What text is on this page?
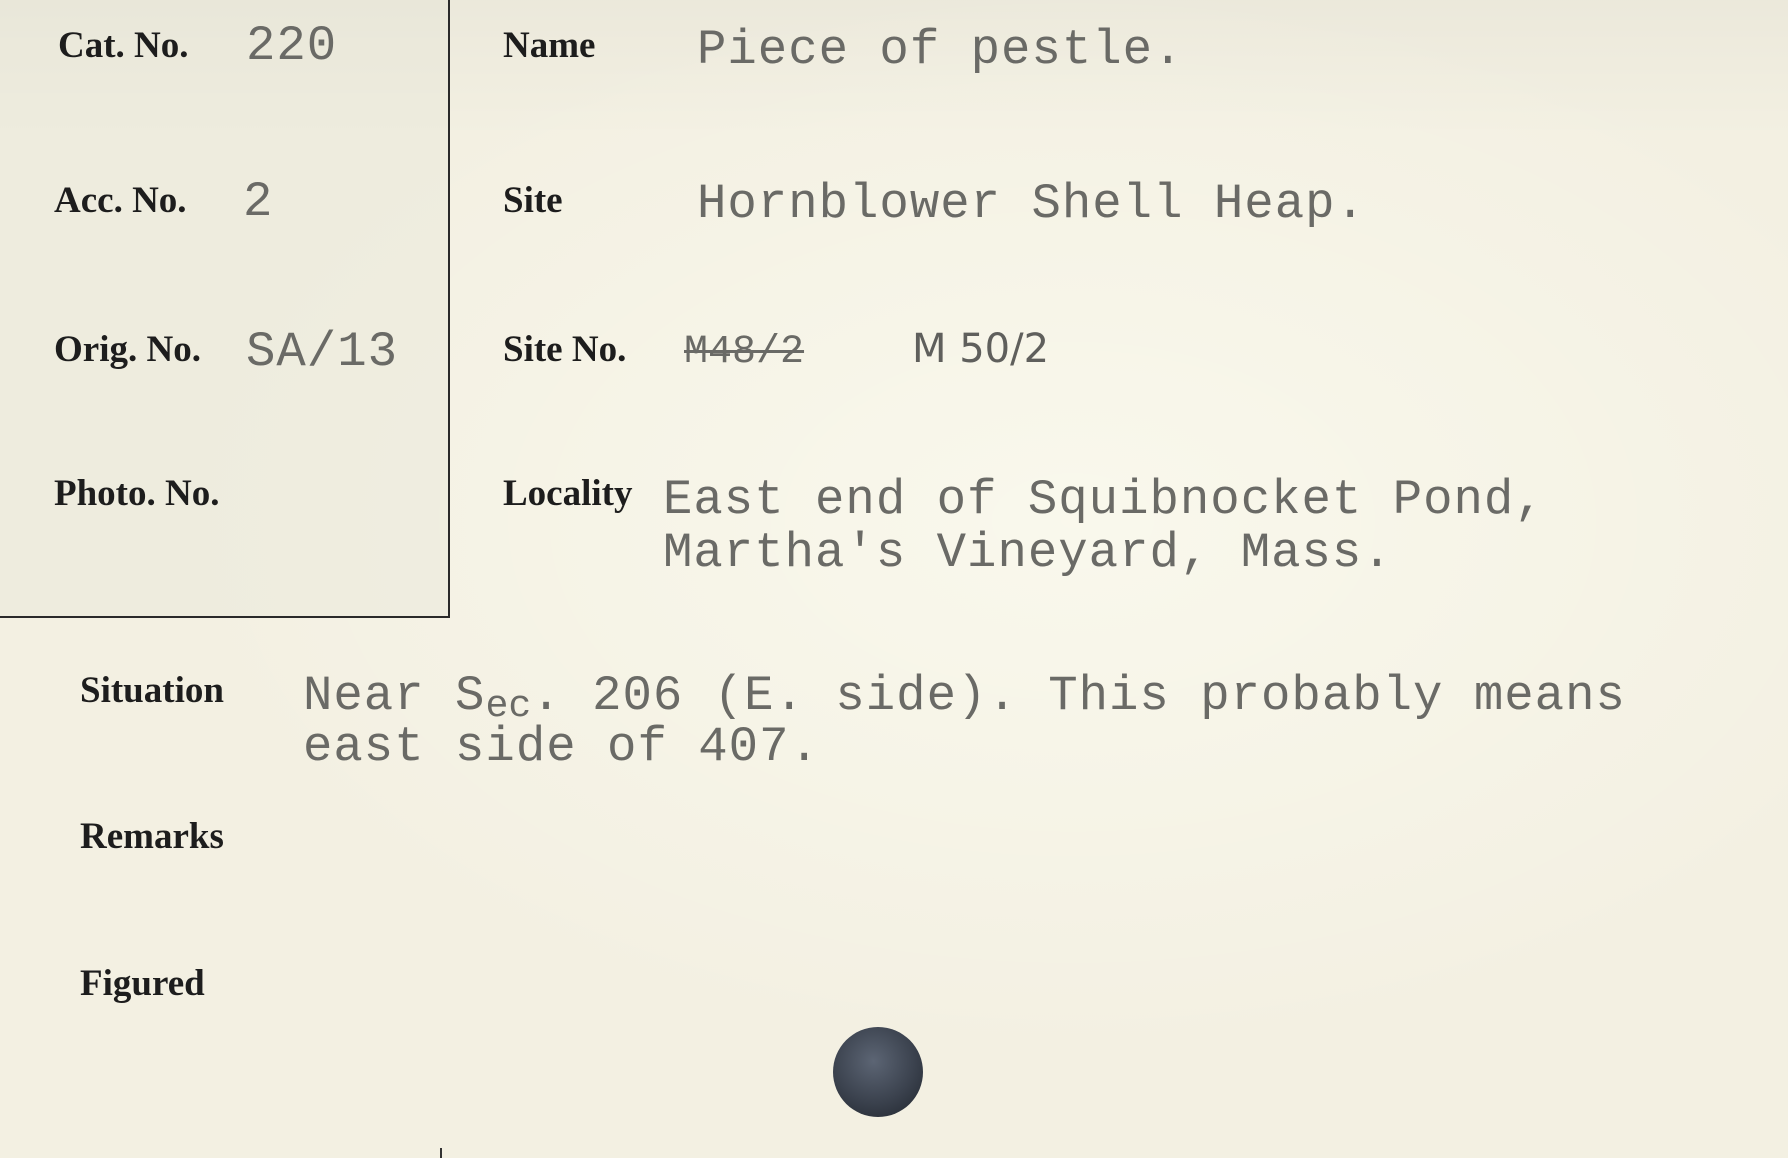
Cat. No. 220
Acc. No. 2
Orig. No. SA/13
Photo. No.
Name Piece of pestle.
Site	Hornblower Shell Heap.
Site No. M48/2	M 50/2
Locality East end of Squibnocket Pond,
Martha's Vineyard, Mass.
Situation Near Sec. 206 (E. side). This probably means
east side of 407.
Remarks
Figured
